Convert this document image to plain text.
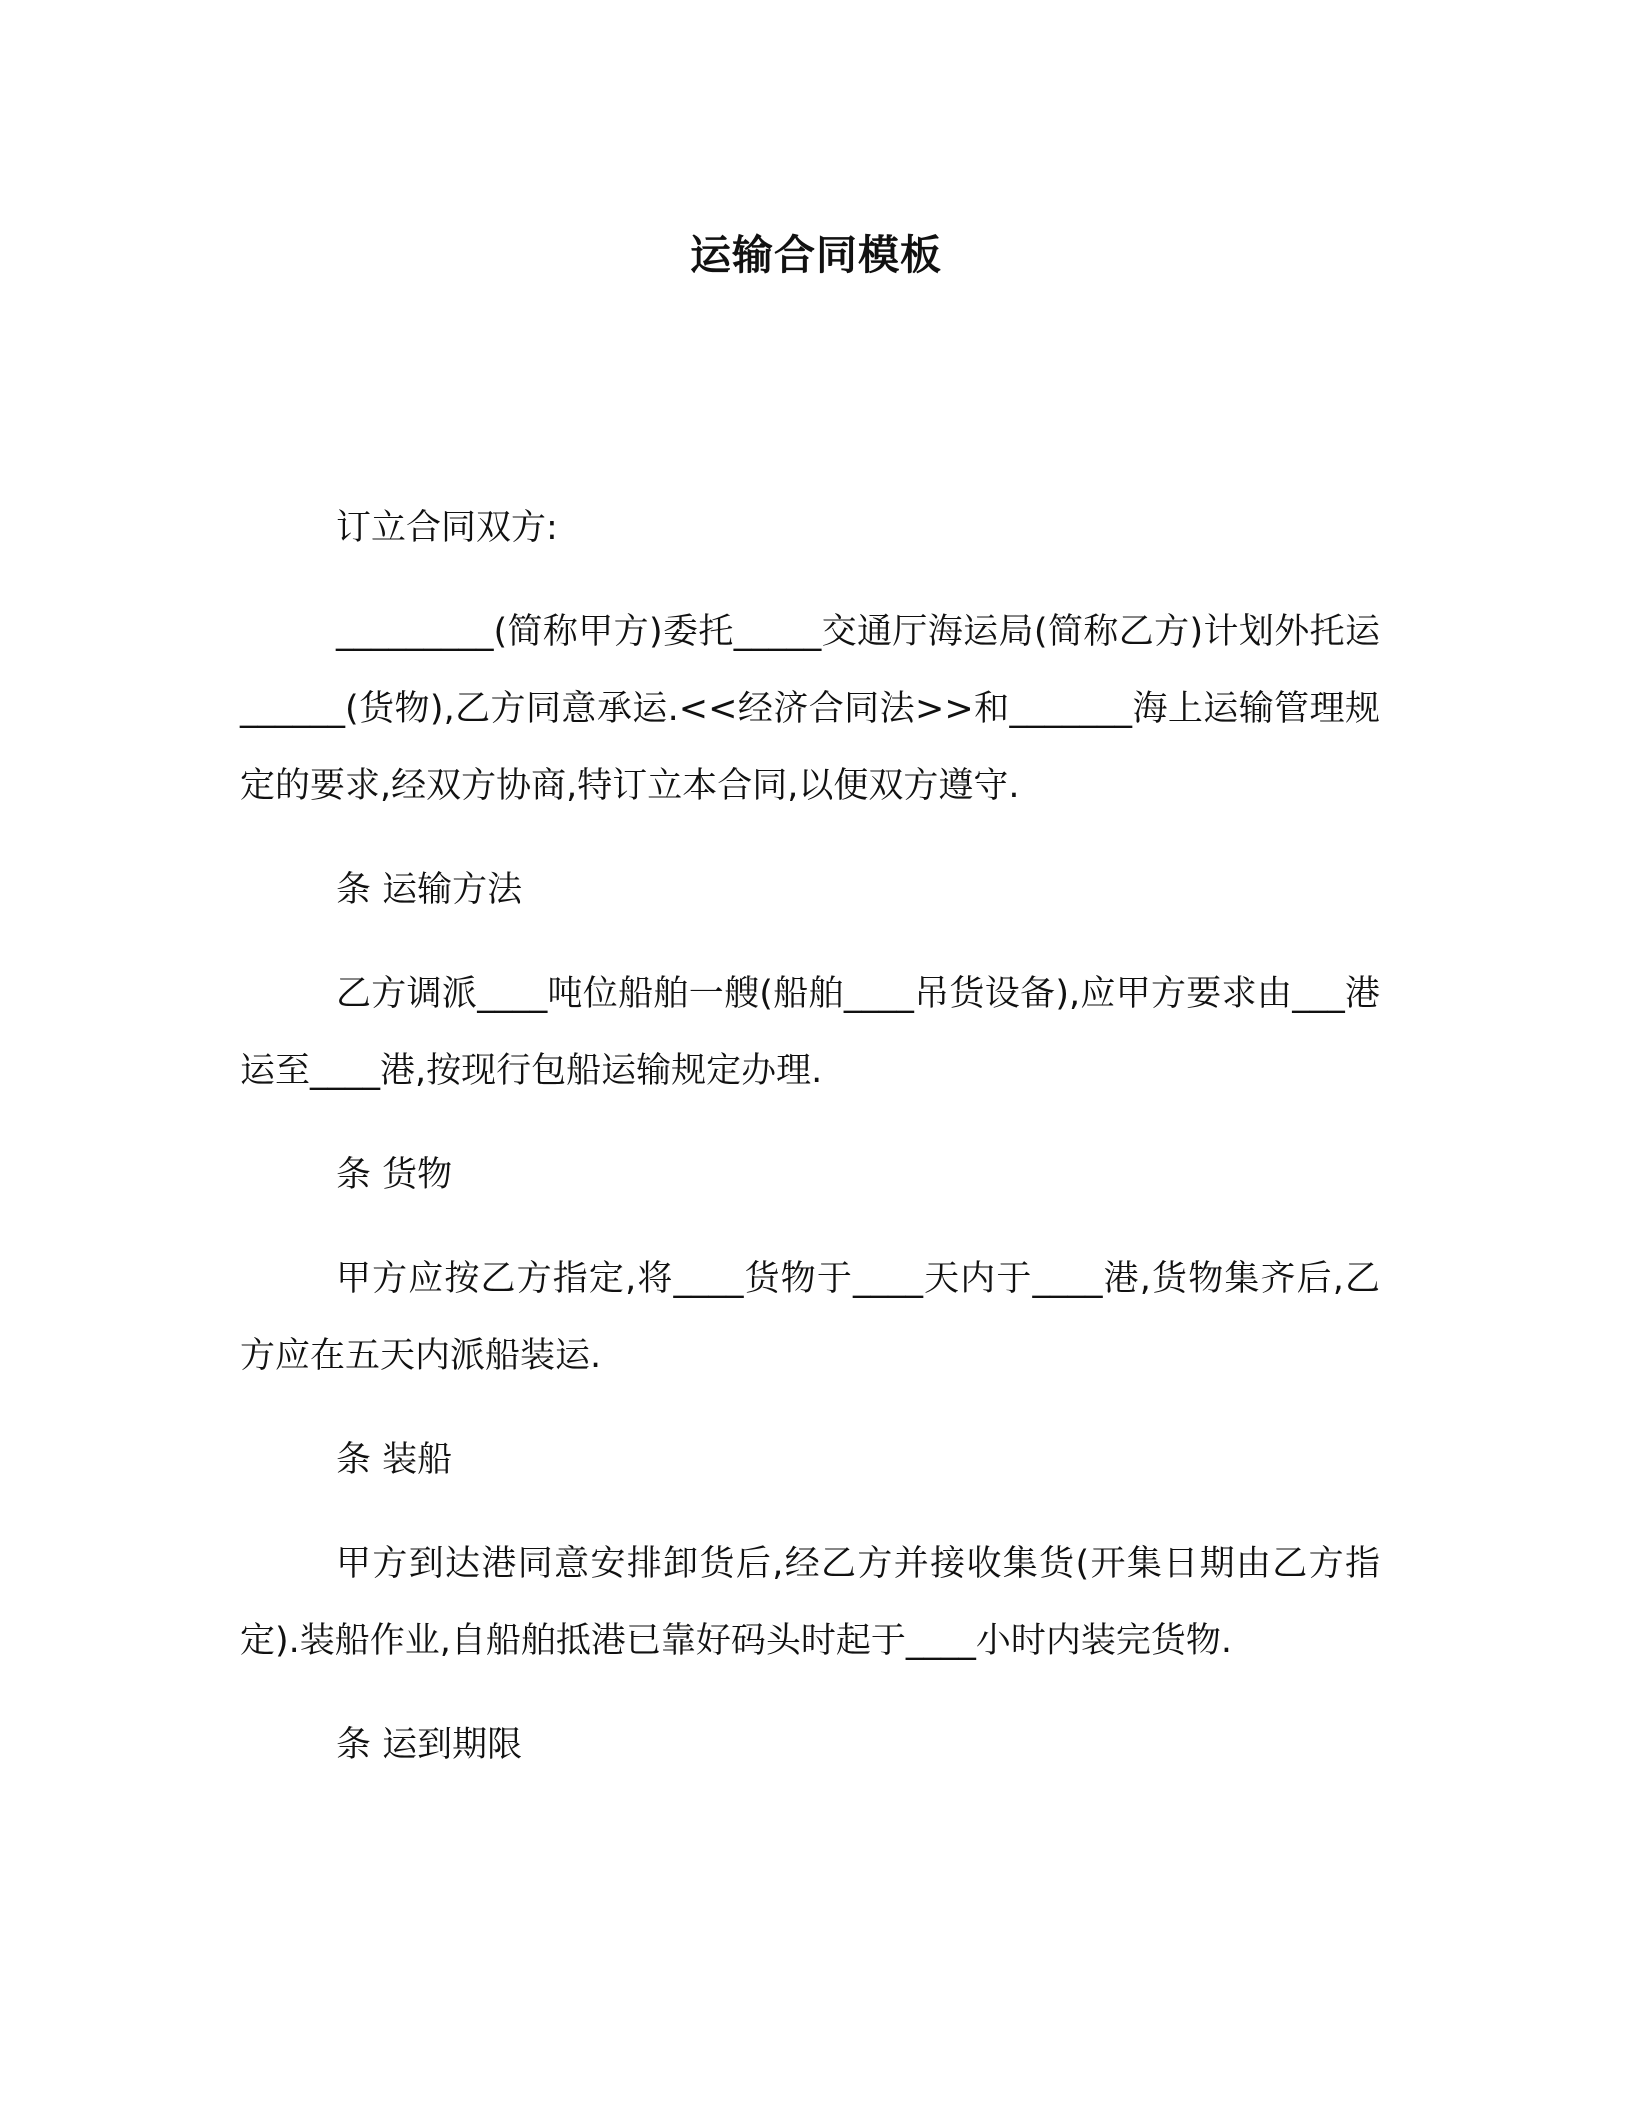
运输合同模板

订立合同双方:

_________(简称甲方)委托_____交通厅海运局(简称乙方)计划外托运______(货物),乙方同意承运.<<经济合同法>>和_______海上运输管理规定的要求,经双方协商,特订立本合同,以便双方遵守.

条 运输方法

乙方调派____吨位船舶一艘(船舶____吊货设备),应甲方要求由___港运至____港,按现行包船运输规定办理.

条 货物

甲方应按乙方指定,将____货物于____天内于____港,货物集齐后,乙方应在五天内派船装运.

条 装船

甲方到达港同意安排卸货后,经乙方并接收集货(开集日期由乙方指定).装船作业,自船舶抵港已靠好码头时起于____小时内装完货物.

条 运到期限
